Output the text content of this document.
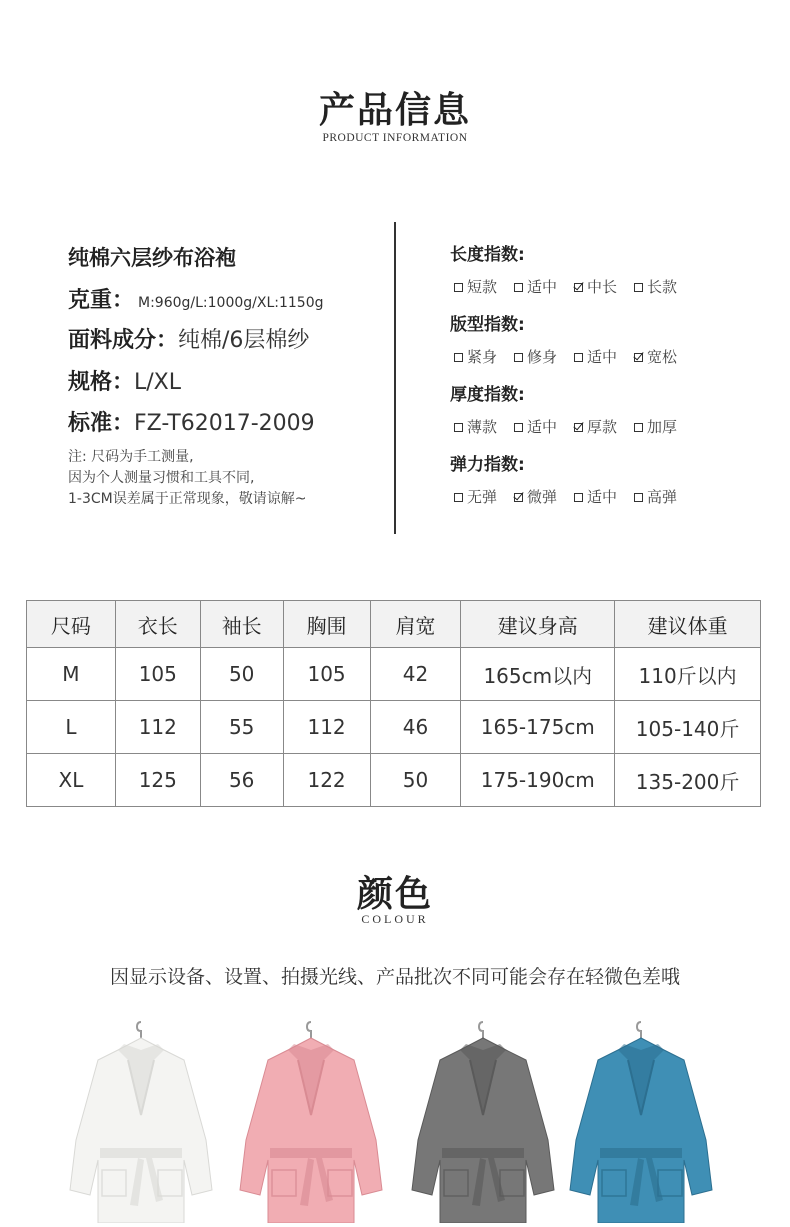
产品信息
PRODUCT INFORMATION
纯棉六层纱布浴袍
克重： M:960g/L:1000g/XL:1150g
面料成分：纯棉/6层棉纱
规格：L/XL
标准：FZ-T62017-2009
注: 尺码为手工测量,
因为个人测量习惯和工具不同,
1-3CM误差属于正常现象，敬请谅解~
长度指数:
短款 适中 中长 长款
版型指数:
紧身 修身 适中 宽松
厚度指数:
薄款 适中 厚款 加厚
弹力指数:
无弹 微弹 适中 高弹
尺码	衣长	袖长	胸围	肩宽	建议身高	建议体重
M	105	50	105	42	165cm以内	110斤以内
L	112	55	112	46	165-175cm	105-140斤
XL	125	56	122	50	175-190cm	135-200斤
颜色
COLOUR
因显示设备、设置、拍摄光线、产品批次不同可能会存在轻微色差哦
